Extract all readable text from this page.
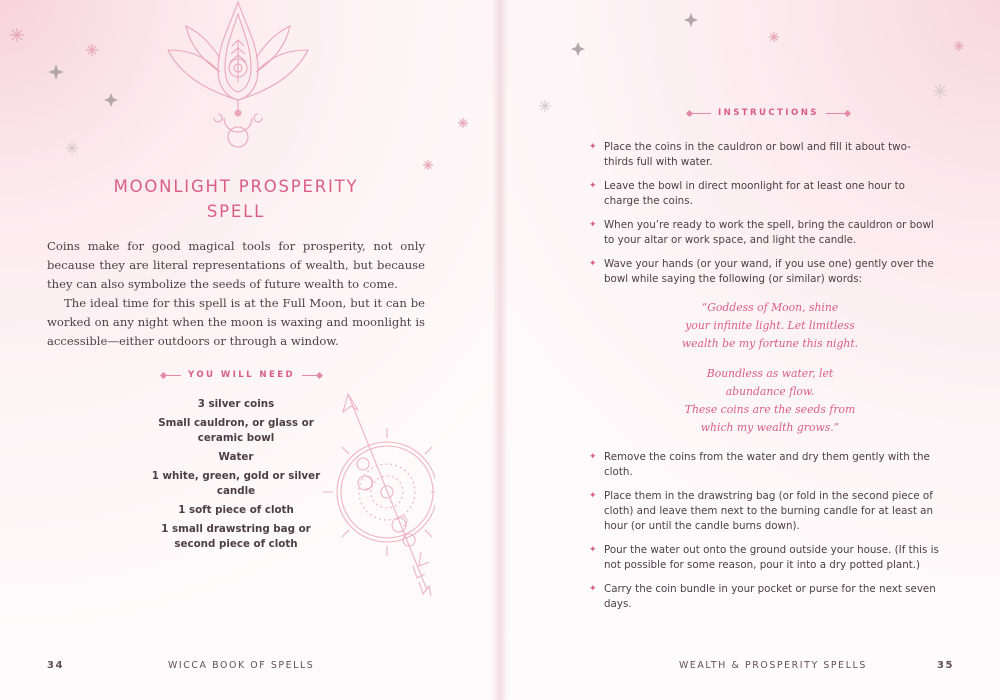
MOONLIGHT PROSPERITY
SPELL

Coins make for good magical tools for prosperity, not only because they are literal representations of wealth, but because they can also symbolize the seeds of future wealth to come.

The ideal time for this spell is at the Full Moon, but it can be worked on any night when the moon is waxing and moonlight is accessible—either outdoors or through a window.

YOU WILL NEED
3 silver coins
Small cauldron, or glass or ceramic bowl
Water
1 white, green, gold or silver candle
1 soft piece of cloth
1 small drawstring bag or second piece of cloth
34	WICCA BOOK OF SPELLS	WEALTH & PROSPERITY SPELLS	35
INSTRUCTIONS
✦ Place the coins in the cauldron or bowl and fill it about two-thirds full with water.
✦ Leave the bowl in direct moonlight for at least one hour to charge the coins.
✦ When you’re ready to work the spell, bring the cauldron or bowl to your altar or work space, and light the candle.
✦ Wave your hands (or your wand, if you use one) gently over the bowl while saying the following (or similar) words:

“Goddess of Moon, shine

your infinite light. Let limitless

wealth be my fortune this night.

Boundless as water, let

abundance flow.

These coins are the seeds from

which my wealth grows.”

✦ Remove the coins from the water and dry them gently with the cloth.
✦ Place them in the drawstring bag (or fold in the second piece of cloth) and leave them next to the burning candle for at least an hour (or until the candle burns down).
✦ Pour the water out onto the ground outside your house. (If this is not possible for some reason, pour it into a dry potted plant.)
✦ Carry the coin bundle in your pocket or purse for the next seven days.
